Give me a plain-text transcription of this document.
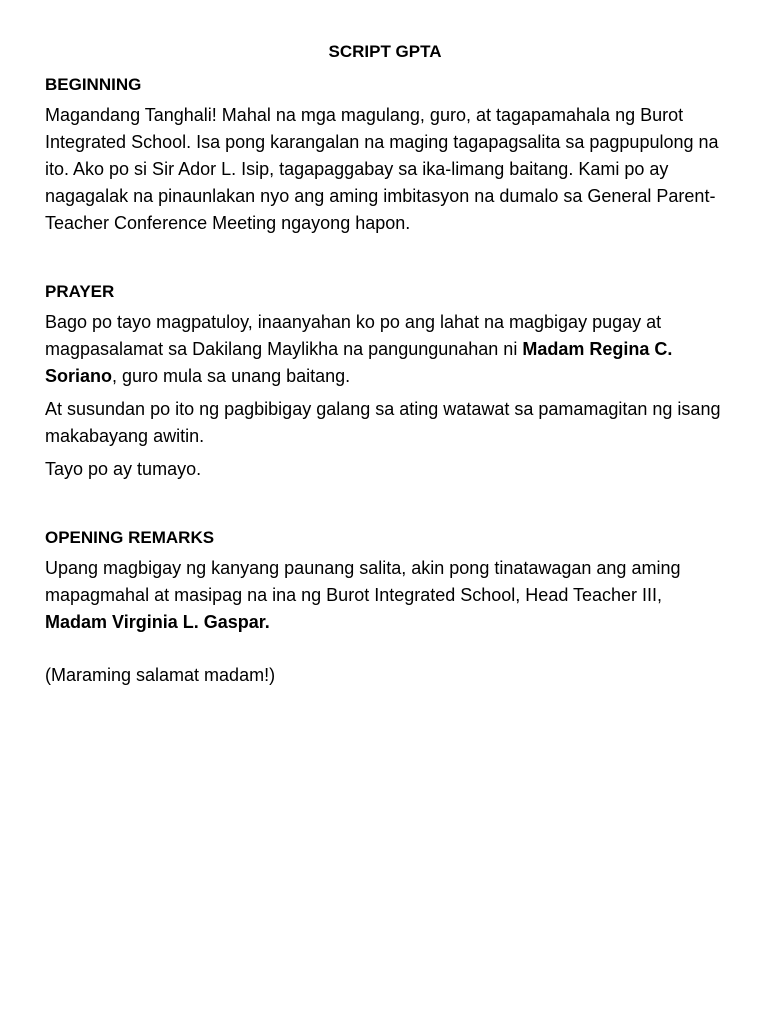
SCRIPT GPTA
BEGINNING

Magandang Tanghali! Mahal na mga magulang, guro, at tagapamahala ng Burot Integrated School. Isa pong karangalan na maging tagapagsalita sa pagpupulong na ito. Ako po si Sir Ador L. Isip, tagapaggabay sa ika-limang baitang. Kami po ay nagagalak na pinaunlakan nyo ang aming imbitasyon na dumalo sa General Parent-Teacher Conference Meeting ngayong hapon.

PRAYER

Bago po tayo magpatuloy, inaanyahan ko po ang lahat na magbigay pugay at magpasalamat sa Dakilang Maylikha na pangungunahan ni Madam Regina C. Soriano, guro mula sa unang baitang.

At susundan po ito ng pagbibigay galang sa ating watawat sa pamamagitan ng isang makabayang awitin.

Tayo po ay tumayo.

OPENING REMARKS

Upang magbigay ng kanyang paunang salita, akin pong tinatawagan ang aming mapagmahal at masipag na ina ng Burot Integrated School, Head Teacher III, Madam Virginia L. Gaspar.

(Maraming salamat madam!)
